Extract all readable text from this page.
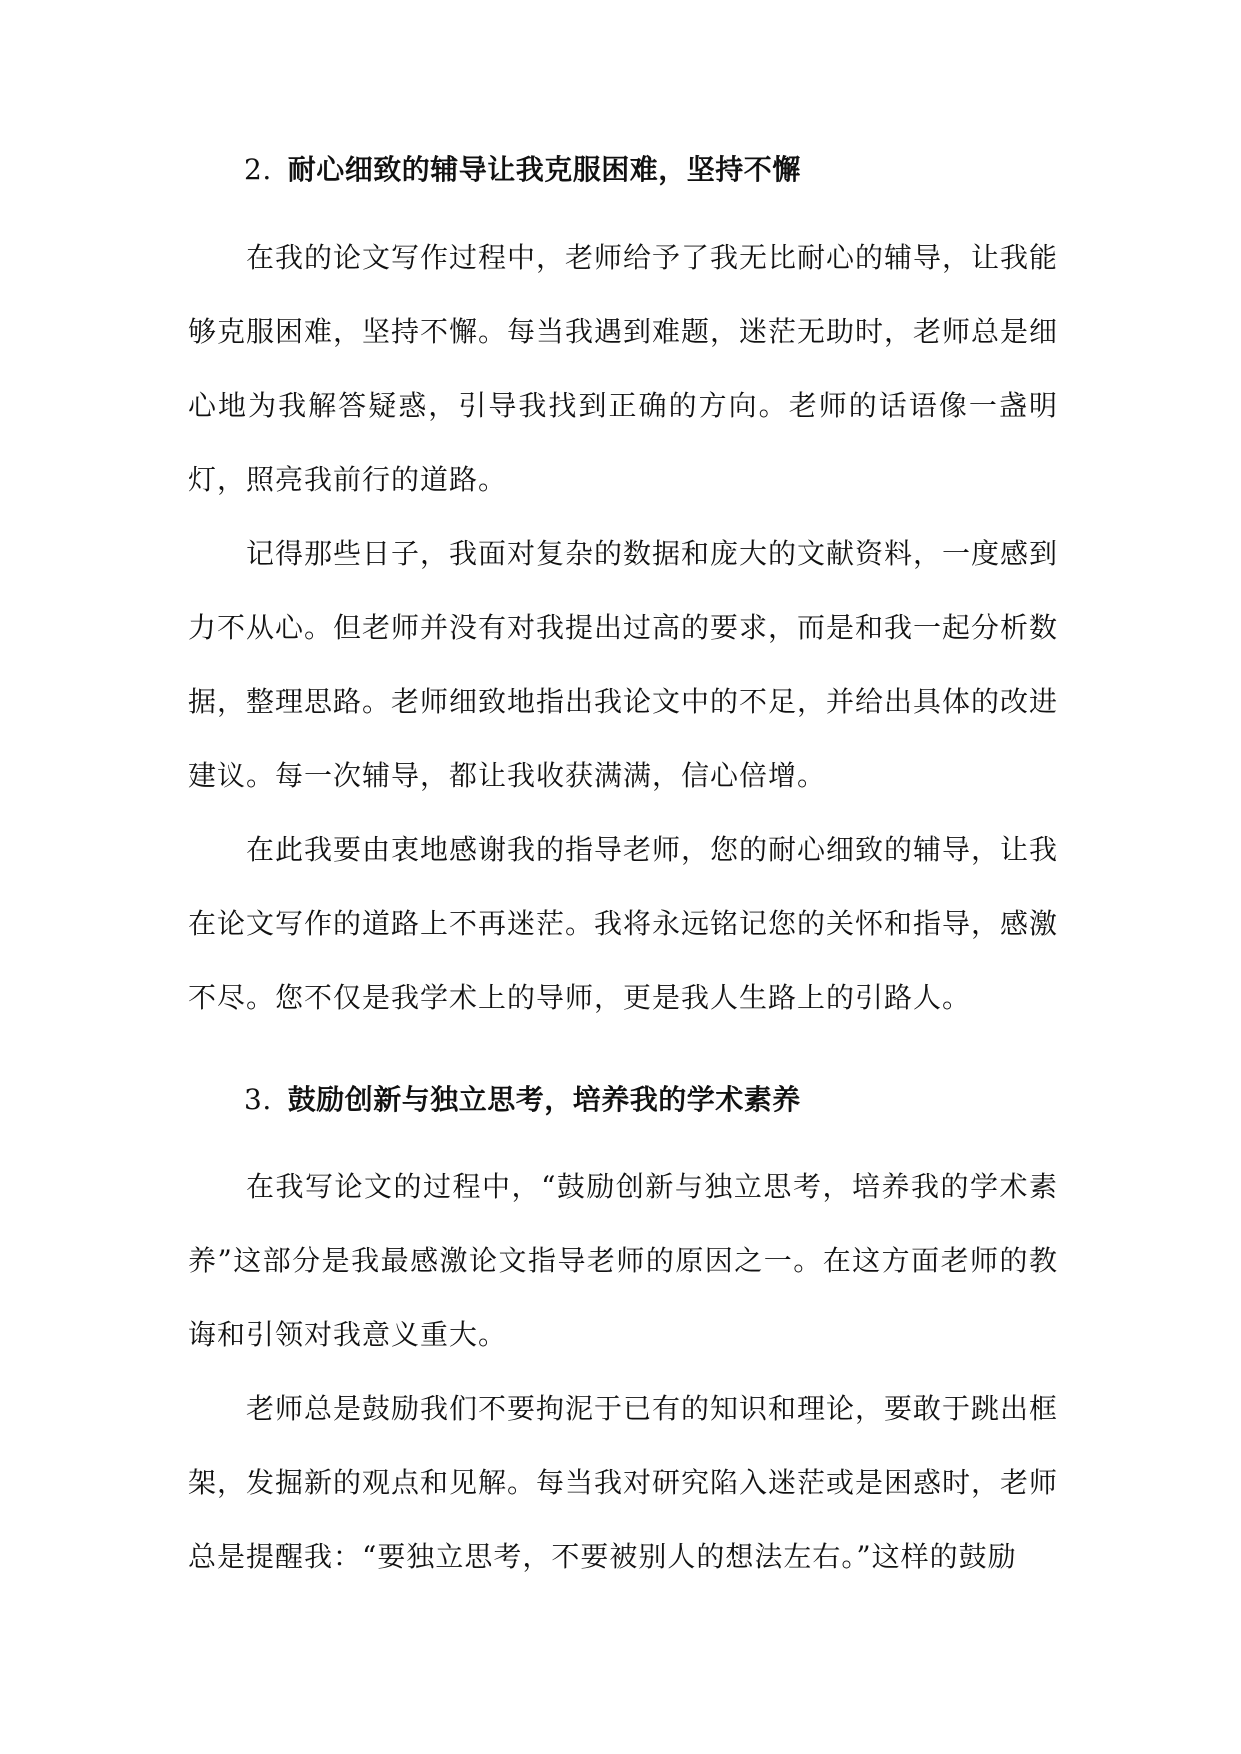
2. 耐心细致的辅导让我克服困难，坚持不懈

在我的论文写作过程中，老师给予了我无比耐心的辅导，让我能够克服困难，坚持不懈。每当我遇到难题，迷茫无助时，老师总是细心地为我解答疑惑，引导我找到正确的方向。老师的话语像一盏明灯，照亮我前行的道路。

记得那些日子，我面对复杂的数据和庞大的文献资料，一度感到力不从心。但老师并没有对我提出过高的要求，而是和我一起分析数据，整理思路。老师细致地指出我论文中的不足，并给出具体的改进建议。每一次辅导，都让我收获满满，信心倍增。

在此我要由衷地感谢我的指导老师，您的耐心细致的辅导，让我在论文写作的道路上不再迷茫。我将永远铭记您的关怀和指导，感激不尽。您不仅是我学术上的导师，更是我人生路上的引路人。

3. 鼓励创新与独立思考，培养我的学术素养

在我写论文的过程中，“鼓励创新与独立思考，培养我的学术素养”这部分是我最感激论文指导老师的原因之一。在这方面老师的教诲和引领对我意义重大。

老师总是鼓励我们不要拘泥于已有的知识和理论，要敢于跳出框架，发掘新的观点和见解。每当我对研究陷入迷茫或是困惑时，老师总是提醒我：“要独立思考，不要被别人的想法左右。”这样的鼓励
